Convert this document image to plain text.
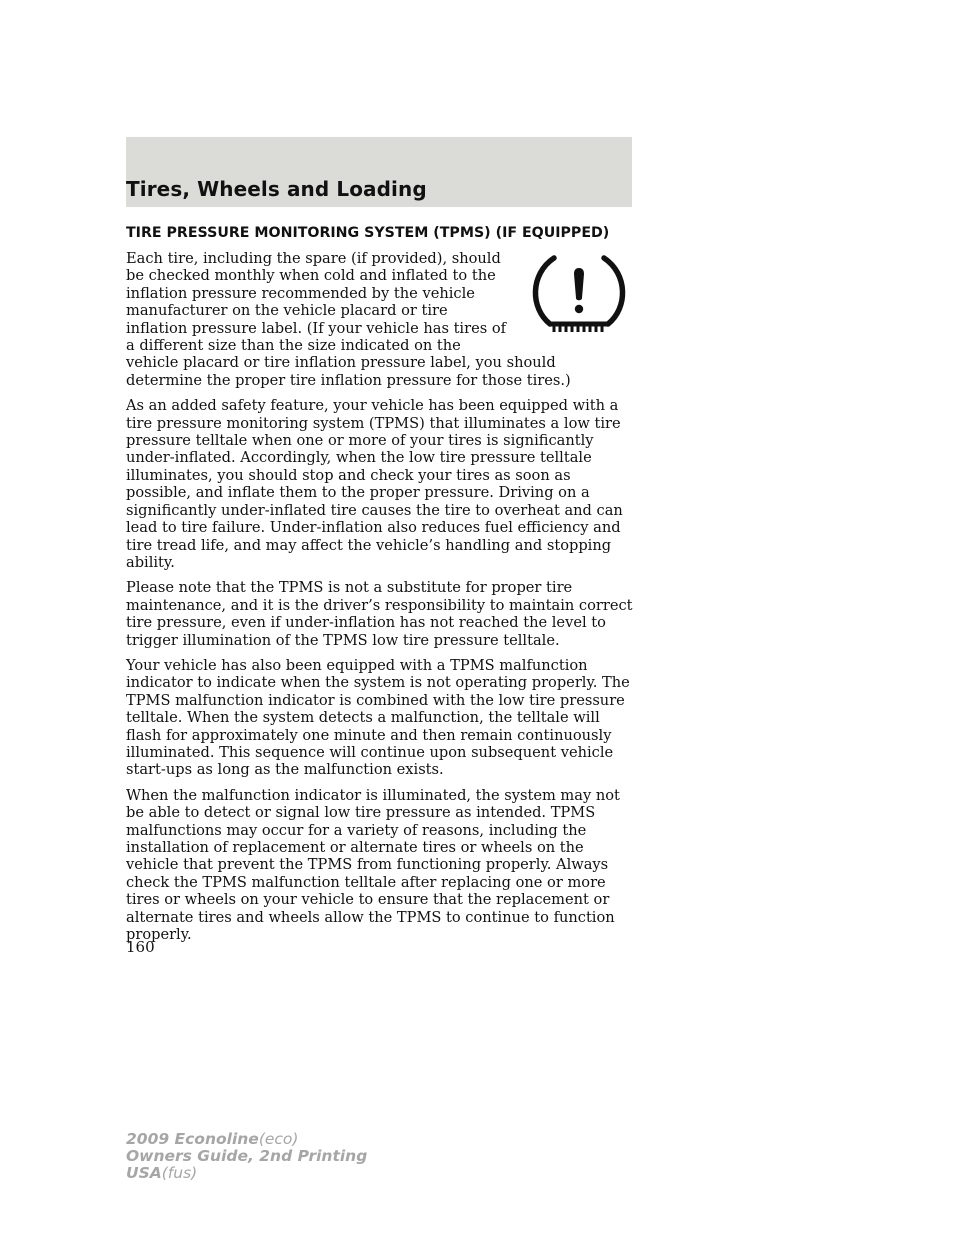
Tires, Wheels and Loading
TIRE PRESSURE MONITORING SYSTEM (TPMS) (IF EQUIPPED)

Each tire, including the spare (if provided), should be checked monthly when cold and inflated to the inflation pressure recommended by the vehicle manufacturer on the vehicle placard or tire inflation pressure label. (If your vehicle has tires of a different size than the size indicated on the vehicle placard or tire inflation pressure label, you should determine the proper tire inflation pressure for those tires.)

As an added safety feature, your vehicle has been equipped with a tire pressure monitoring system (TPMS) that illuminates a low tire pressure telltale when one or more of your tires is significantly under-inflated. Accordingly, when the low tire pressure telltale illuminates, you should stop and check your tires as soon as possible, and inflate them to the proper pressure. Driving on a significantly under-inflated tire causes the tire to overheat and can lead to tire failure. Under-inflation also reduces fuel efficiency and tire tread life, and may affect the vehicle’s handling and stopping ability.

Please note that the TPMS is not a substitute for proper tire maintenance, and it is the driver’s responsibility to maintain correct tire pressure, even if under-inflation has not reached the level to trigger illumination of the TPMS low tire pressure telltale.

Your vehicle has also been equipped with a TPMS malfunction indicator to indicate when the system is not operating properly. The TPMS malfunction indicator is combined with the low tire pressure telltale. When the system detects a malfunction, the telltale will flash for approximately one minute and then remain continuously illuminated. This sequence will continue upon subsequent vehicle start-ups as long as the malfunction exists.

When the malfunction indicator is illuminated, the system may not be able to detect or signal low tire pressure as intended. TPMS malfunctions may occur for a variety of reasons, including the installation of replacement or alternate tires or wheels on the vehicle that prevent the TPMS from functioning properly. Always check the TPMS malfunction telltale after replacing one or more tires or wheels on your vehicle to ensure that the replacement or alternate tires and wheels allow the TPMS to continue to function properly.

160

2009 Econoline(eco)
Owners Guide, 2nd Printing
USA(fus)
